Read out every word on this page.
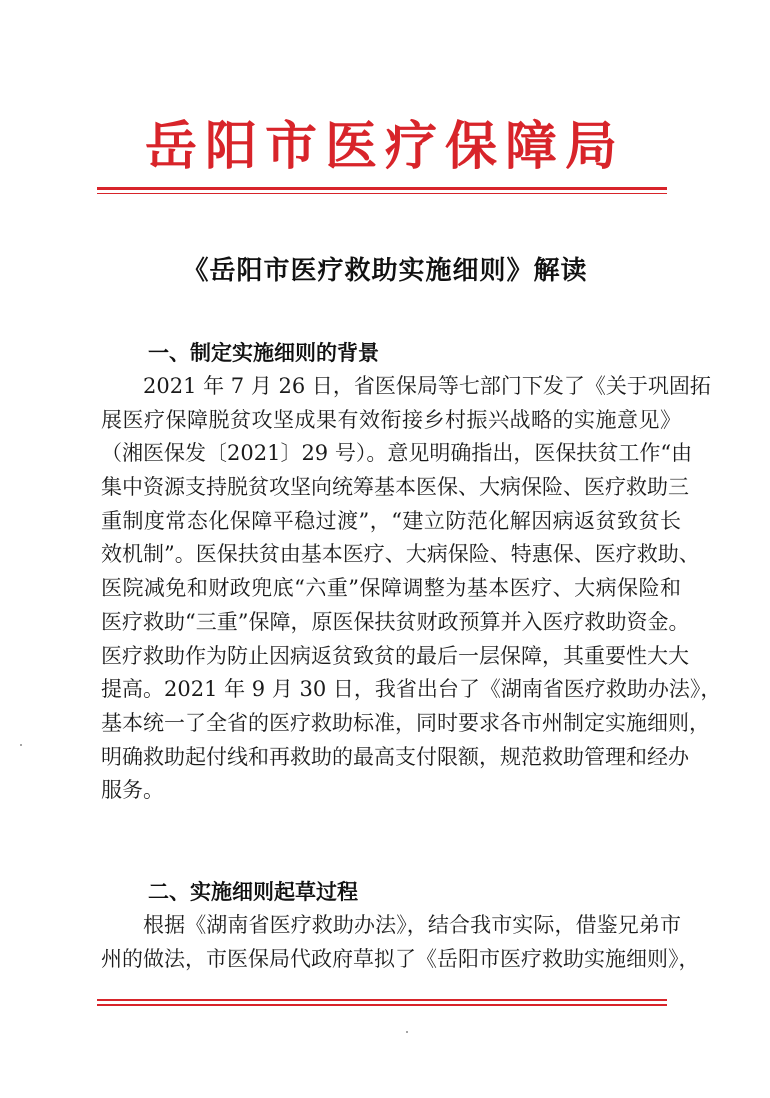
岳阳市医疗保障局
《岳阳市医疗救助实施细则》解读
一、制定实施细则的背景
2021 年 7 月 26 日，省医保局等七部门下发了《关于巩固拓
展医疗保障脱贫攻坚成果有效衔接乡村振兴战略的实施意见》
（湘医保发〔2021〕29 号）。意见明确指出，医保扶贫工作“由
集中资源支持脱贫攻坚向统筹基本医保、大病保险、医疗救助三
重制度常态化保障平稳过渡”，“建立防范化解因病返贫致贫长
效机制”。医保扶贫由基本医疗、大病保险、特惠保、医疗救助、
医院减免和财政兜底“六重”保障调整为基本医疗、大病保险和
医疗救助“三重”保障，原医保扶贫财政预算并入医疗救助资金。
医疗救助作为防止因病返贫致贫的最后一层保障，其重要性大大
提高。2021 年 9 月 30 日，我省出台了《湖南省医疗救助办法》，
基本统一了全省的医疗救助标准，同时要求各市州制定实施细则，
明确救助起付线和再救助的最高支付限额，规范救助管理和经办
服务。
二、实施细则起草过程
根据《湖南省医疗救助办法》，结合我市实际，借鉴兄弟市
州的做法，市医保局代政府草拟了《岳阳市医疗救助实施细则》，
